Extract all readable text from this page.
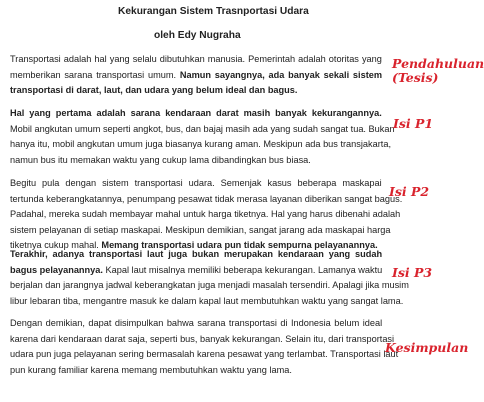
Kekurangan Sistem Trasnportasi Udara
oleh Edy Nugraha
Transportasi adalah hal yang selalu dibutuhkan manusia. Pemerintah adalah otoritas yang
memberikan sarana transportasi umum. Namun sayangnya, ada banyak sekali sistem
transportasi di darat, laut, dan udara yang belum ideal dan bagus.
Hal yang pertama adalah sarana kendaraan darat masih banyak kekurangannya.
Mobil angkutan umum seperti angkot, bus, dan bajaj masih ada yang sudah sangat tua. Bukan
hanya itu, mobil angkutan umum juga biasanya kurang aman. Meskipun ada bus transjakarta,
namun bus itu memakan waktu yang cukup lama dibandingkan bus biasa.
Begitu pula dengan sistem transportasi udara. Semenjak kasus beberapa maskapai
tertunda keberangkatannya, penumpang pesawat tidak merasa layanan diberikan sangat bagus.
Padahal, mereka sudah membayar mahal untuk harga tiketnya. Hal yang harus dibenahi adalah
sistem pelayanan di setiap maskapai. Meskipun demikian, sangat jarang ada maskapai harga
tiketnya cukup mahal. Memang transportasi udara pun tidak sempurna pelayanannya.
Terakhir, adanya transportasi laut juga bukan merupakan kendaraan yang sudah
bagus pelayanannya. Kapal laut misalnya memiliki beberapa kekurangan. Lamanya waktu
berjalan dan jarangnya jadwal keberangkatan juga menjadi masalah tersendiri. Apalagi jika musim
libur lebaran tiba, mengantre masuk ke dalam kapal laut membutuhkan waktu yang sangat lama.
Dengan demikian, dapat disimpulkan bahwa sarana transportasi di Indonesia belum ideal
karena dari kendaraan darat saja, seperti bus, banyak kekurangan. Selain itu, dari transportasi
udara pun juga pelayanan sering bermasalah karena pesawat yang terlambat. Transportasi laut
pun kurang familiar karena memang membutuhkan waktu yang lama.
Pendahuluan
(Tesis)
Isi P1
Isi P2
Isi P3
Kesimpulan
